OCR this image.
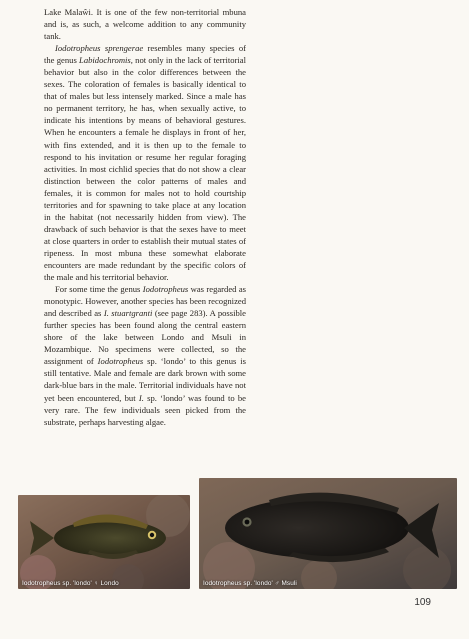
Lake Malaŵi. It is one of the few non-territorial mbuna and is, as such, a welcome addition to any community tank.

Iodotropheus sprengerae resembles many species of the genus Labidochromis, not only in the lack of territorial behavior but also in the color differences between the sexes. The coloration of females is basically identical to that of males but less intensely marked. Since a male has no permanent territory, he has, when sexually active, to indicate his intentions by means of behavioral gestures. When he encounters a female he displays in front of her, with fins extended, and it is then up to the female to respond to his invitation or resume her regular foraging activities. In most cichlid species that do not show a clear distinction between the color patterns of males and females, it is common for males not to hold courtship territories and for spawning to take place at any location in the habitat (not necessarily hidden from view). The drawback of such behavior is that the sexes have to meet at close quarters in order to establish their mutual states of ripeness. In most mbuna these somewhat elaborate encounters are made redundant by the specific colors of the male and his territorial behavior.

For some time the genus Iodotropheus was regarded as monotypic. However, another species has been recognized and described as I. stuartgranti (see page 283). A possible further species has been found along the central eastern shore of the lake between Londo and Msuli in Mozambique. No specimens were collected, so the assignment of Iodotropheus sp. ‘londo’ to this genus is still tentative. Male and female are dark brown with some dark-blue bars in the male. Territorial individuals have not yet been encountered, but I. sp. ‘londo’ was found to be very rare. The few individuals seen picked from the substrate, perhaps harvesting algae.

Iodotropheus sp. 'londo' ♀ Londo	Iodotropheus sp. 'londo' ♂ Msuli
109
